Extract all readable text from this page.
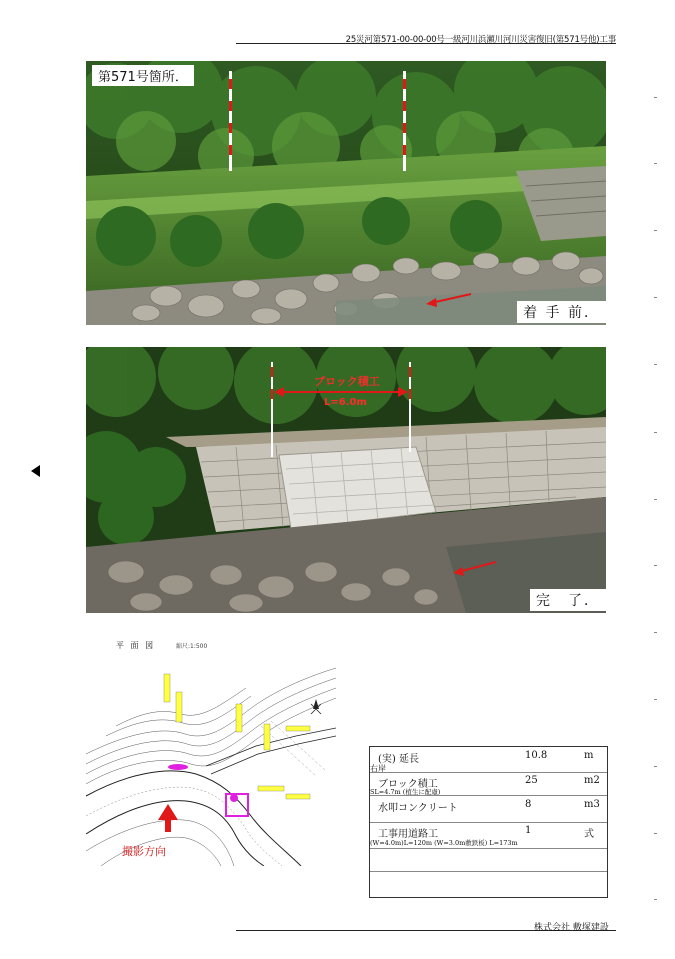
25災河第571-00-00-00号一級河川浜瀬川河川災害復旧(第571号他)工事
第571号箇所．
着 手 前．
ブロック積工
L=6.0m
完　了．
平 面 図	縮尺:1:500
撮影方向
(実) 延長	10.8	m
右岸
ブロック積工	25	m2
SL=4.7m (植生に配慮)
水叩コンクリート	8	m3
工事用道路工	1	式
(W=4.0m)L=120m (W=3.0m敷鉄板) L=173m
株式会社 敷塚建設
